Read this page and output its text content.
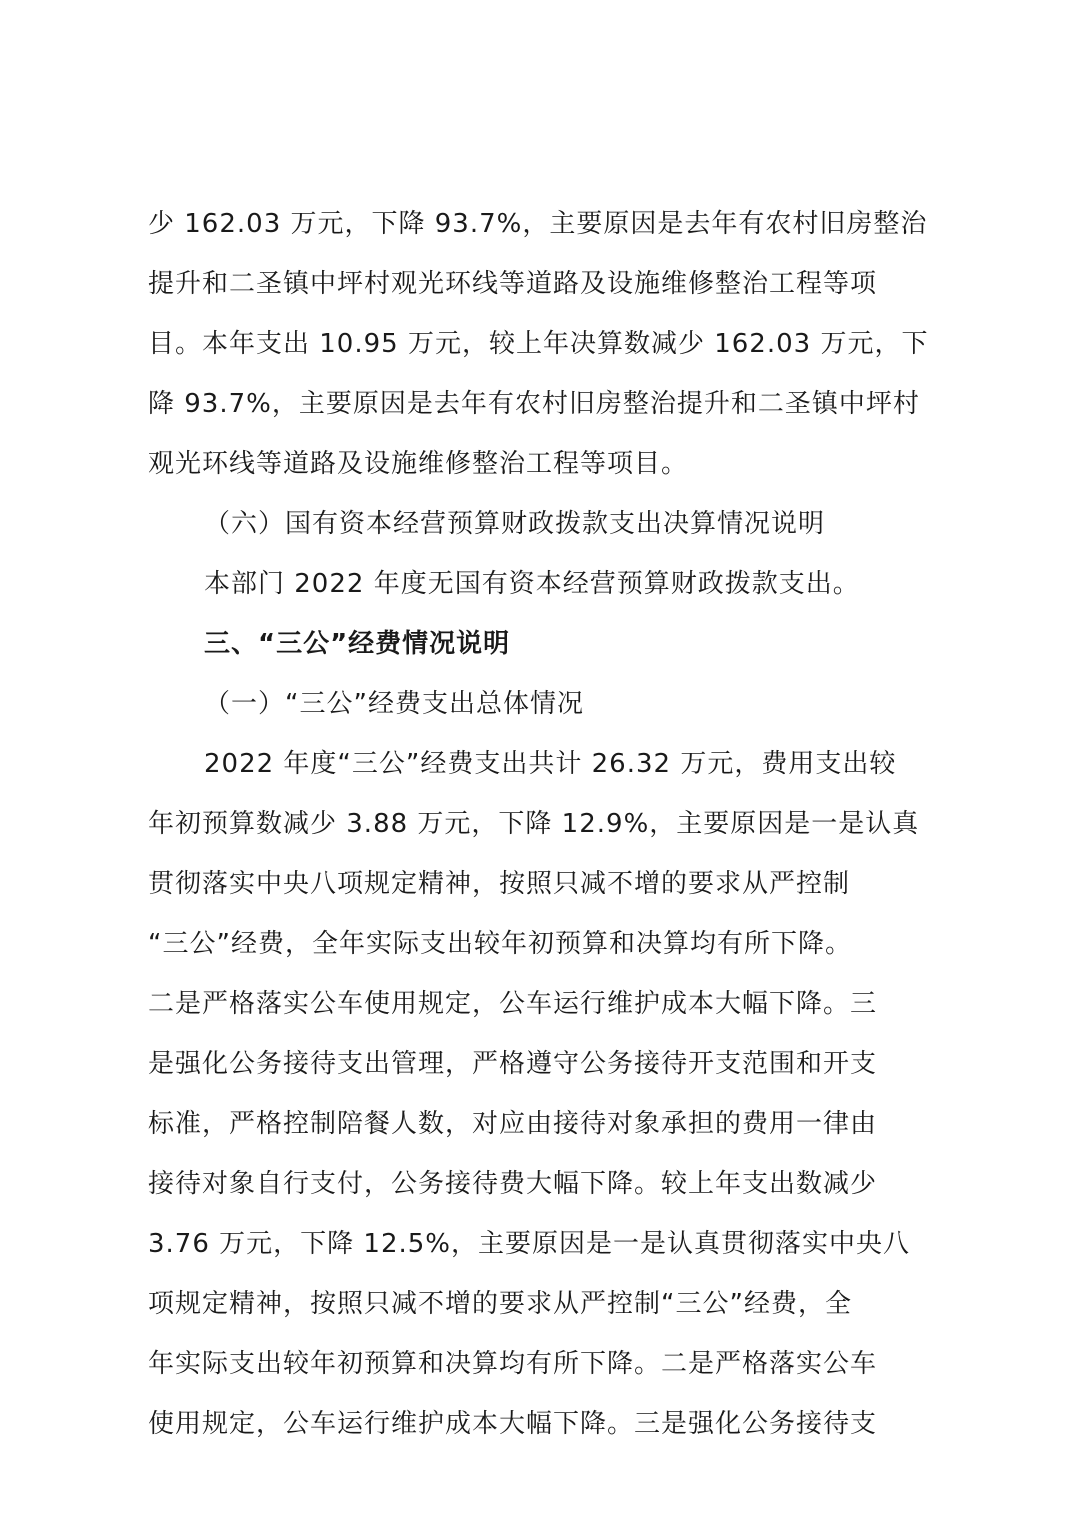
少 162.03 万元，下降 93.7%，主要原因是去年有农村旧房整治
提升和二圣镇中坪村观光环线等道路及设施维修整治工程等项
目。本年支出 10.95 万元，较上年决算数减少 162.03 万元，下
降 93.7%，主要原因是去年有农村旧房整治提升和二圣镇中坪村
观光环线等道路及设施维修整治工程等项目。
（六）国有资本经营预算财政拨款支出决算情况说明
本部门 2022 年度无国有资本经营预算财政拨款支出。
三、“三公”经费情况说明
（一）“三公”经费支出总体情况
2022 年度“三公”经费支出共计 26.32 万元，费用支出较
年初预算数减少 3.88 万元，下降 12.9%，主要原因是一是认真
贯彻落实中央八项规定精神，按照只减不增的要求从严控制
“三公”经费，全年实际支出较年初预算和决算均有所下降。
二是严格落实公车使用规定，公车运行维护成本大幅下降。三
是强化公务接待支出管理，严格遵守公务接待开支范围和开支
标准，严格控制陪餐人数，对应由接待对象承担的费用一律由
接待对象自行支付，公务接待费大幅下降。较上年支出数减少
3.76 万元，下降 12.5%，主要原因是一是认真贯彻落实中央八
项规定精神，按照只减不增的要求从严控制“三公”经费，全
年实际支出较年初预算和决算均有所下降。二是严格落实公车
使用规定，公车运行维护成本大幅下降。三是强化公务接待支
